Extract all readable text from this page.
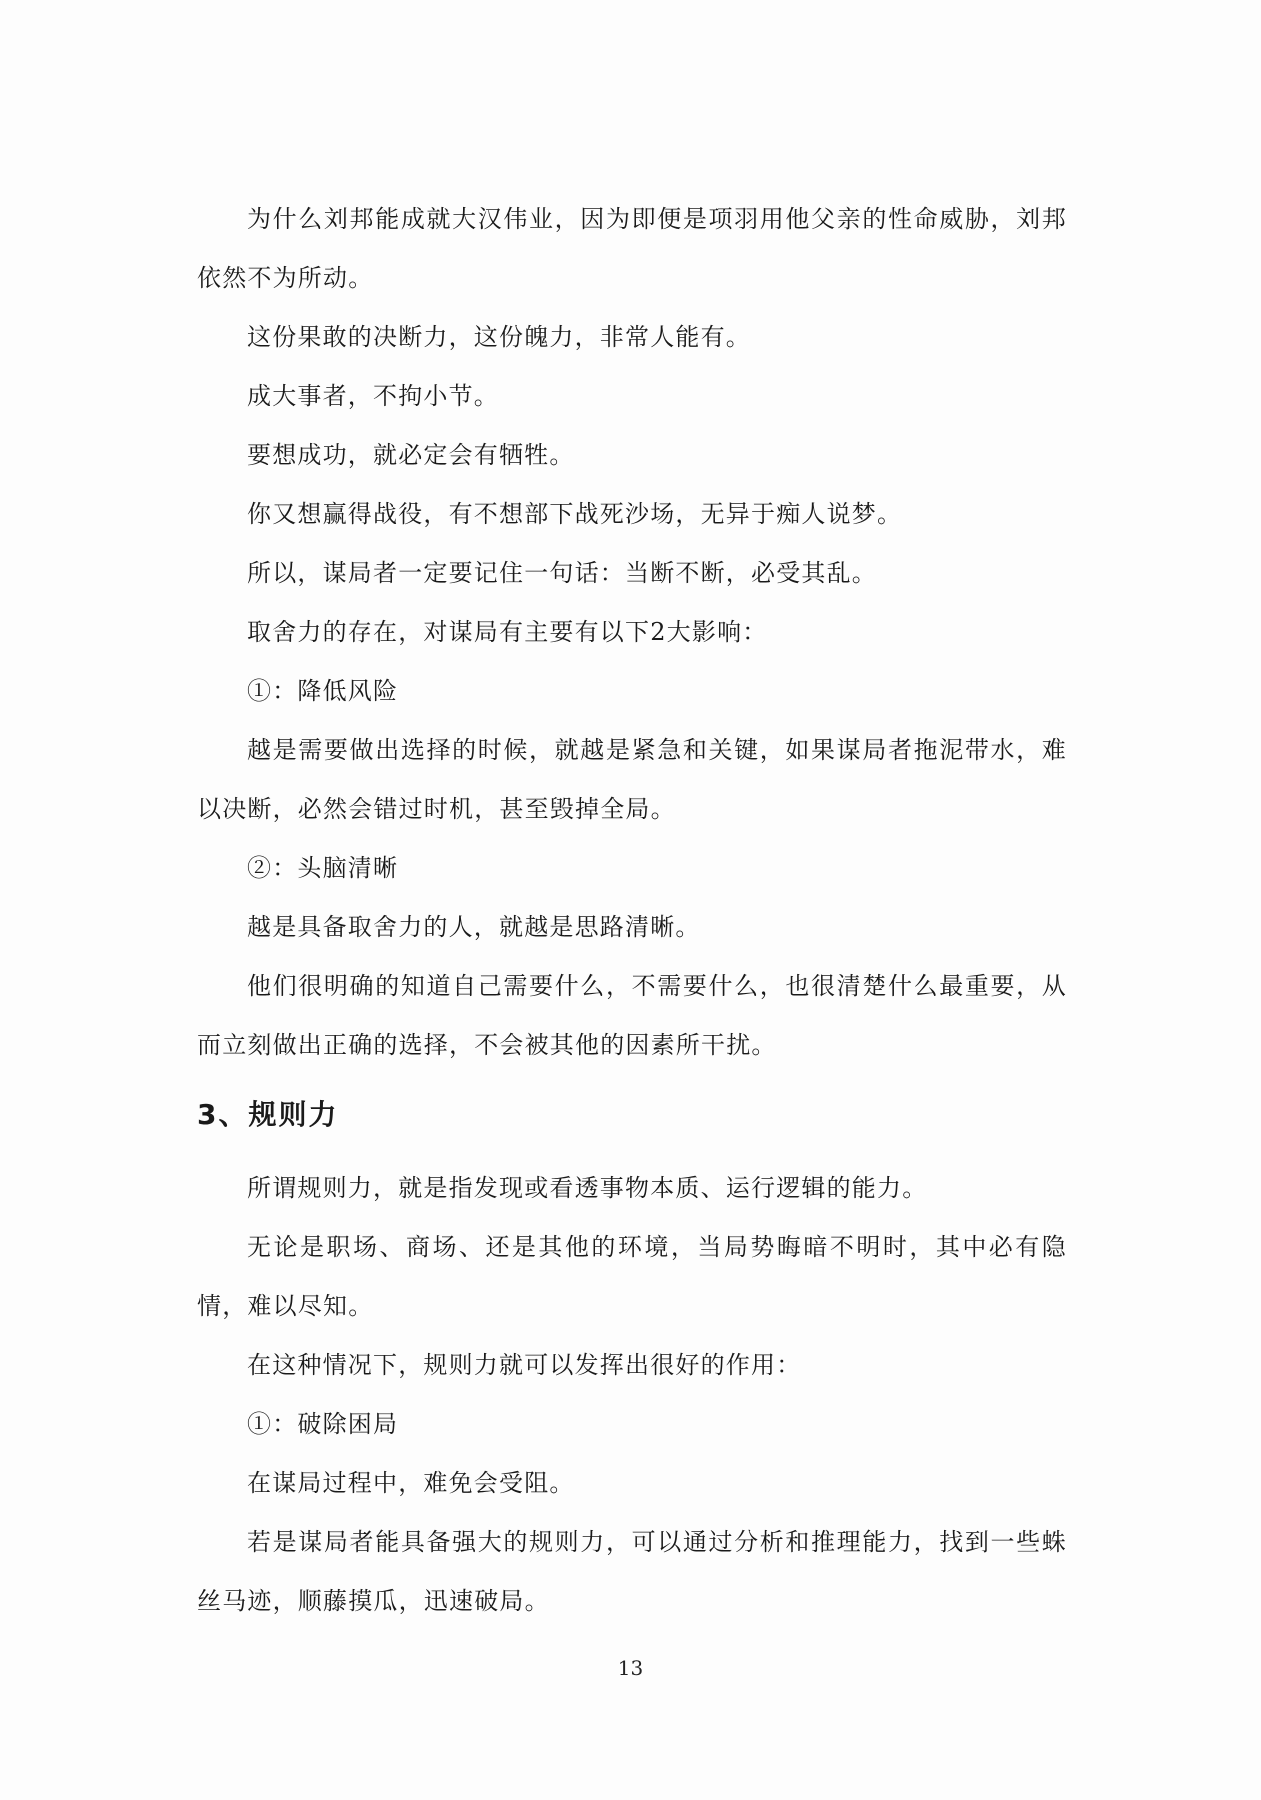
为什么刘邦能成就大汉伟业，因为即便是项羽用他父亲的性命威胁，刘邦依然不为所动。

这份果敢的决断力，这份魄力，非常人能有。

成大事者，不拘小节。

要想成功，就必定会有牺牲。

你又想赢得战役，有不想部下战死沙场，无异于痴人说梦。

所以，谋局者一定要记住一句话：当断不断，必受其乱。

取舍力的存在，对谋局有主要有以下2大影响：

①：降低风险

越是需要做出选择的时候，就越是紧急和关键，如果谋局者拖泥带水，难以决断，必然会错过时机，甚至毁掉全局。

②：头脑清晰

越是具备取舍力的人，就越是思路清晰。

他们很明确的知道自己需要什么，不需要什么，也很清楚什么最重要，从而立刻做出正确的选择，不会被其他的因素所干扰。

3、规则力

所谓规则力，就是指发现或看透事物本质、运行逻辑的能力。

无论是职场、商场、还是其他的环境，当局势晦暗不明时，其中必有隐情，难以尽知。

在这种情况下，规则力就可以发挥出很好的作用：

①：破除困局

在谋局过程中，难免会受阻。

若是谋局者能具备强大的规则力，可以通过分析和推理能力，找到一些蛛丝马迹，顺藤摸瓜，迅速破局。

13
